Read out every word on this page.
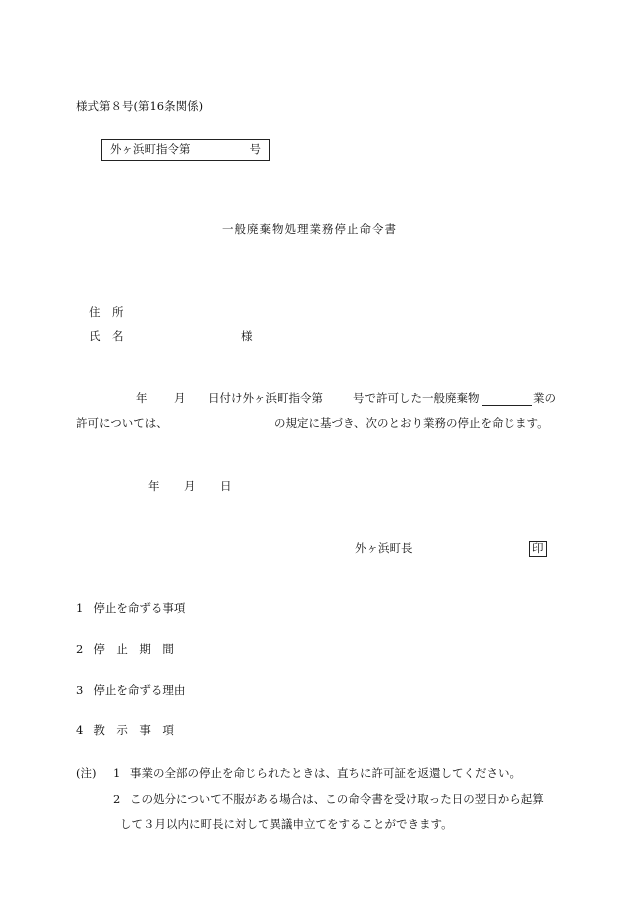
様式第８号(第16条関係)
外ヶ浜町指令第	号
一般廃棄物処理業務停止命令書
住　所
氏　名	様
年 月 日付け外ヶ浜町指令第	号で許可した一般廃棄物
	業の
許可については、	の規定に基づき、次のとおり業務の停止を命じます。
年 月 日
外ヶ浜町長	印
1 停止を命ずる事項
2 停　止　期　間
3 停止を命ずる理由
4 教　示　事　項
(注) 1 事業の全部の停止を命じられたときは、直ちに許可証を返還してください。
2 この処分について不服がある場合は、この命令書を受け取った日の翌日から起算
して３月以内に町長に対して異議申立てをすることができます。
